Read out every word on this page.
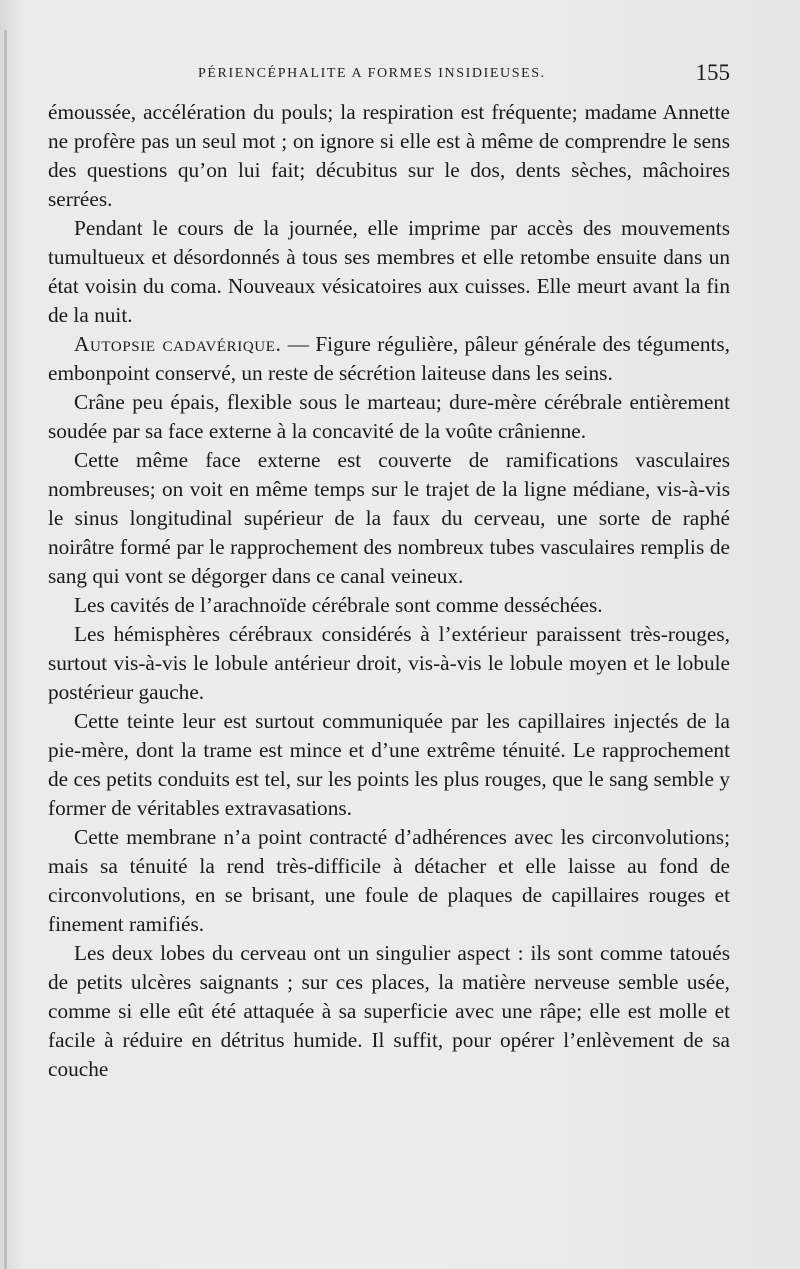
PÉRIENCÉPHALITE A FORMES INSIDIEUSES.	155

émoussée, accélération du pouls; la respiration est fréquente; madame Annette ne profère pas un seul mot ; on ignore si elle est à même de comprendre le sens des questions qu’on lui fait; décubitus sur le dos, dents sèches, mâchoires serrées.

Pendant le cours de la journée, elle imprime par accès des mouvements tumultueux et désordonnés à tous ses membres et elle retombe ensuite dans un état voisin du coma. Nouveaux vésicatoires aux cuisses. Elle meurt avant la fin de la nuit.

Autopsie cadavérique. — Figure régulière, pâleur générale des téguments, embonpoint conservé, un reste de sécrétion laiteuse dans les seins.

Crâne peu épais, flexible sous le marteau; dure-mère cérébrale entièrement soudée par sa face externe à la concavité de la voûte crânienne.

Cette même face externe est couverte de ramifications vasculaires nombreuses; on voit en même temps sur le trajet de la ligne médiane, vis-à-vis le sinus longitudinal supérieur de la faux du cerveau, une sorte de raphé noirâtre formé par le rapprochement des nombreux tubes vasculaires remplis de sang qui vont se dégorger dans ce canal veineux.

Les cavités de l’arachnoïde cérébrale sont comme desséchées.

Les hémisphères cérébraux considérés à l’extérieur paraissent très-rouges, surtout vis-à-vis le lobule antérieur droit, vis-à-vis le lobule moyen et le lobule postérieur gauche.

Cette teinte leur est surtout communiquée par les capillaires injectés de la pie-mère, dont la trame est mince et d’une extrême ténuité. Le rapprochement de ces petits conduits est tel, sur les points les plus rouges, que le sang semble y former de véritables extravasations.

Cette membrane n’a point contracté d’adhérences avec les circonvolutions; mais sa ténuité la rend très-difficile à détacher et elle laisse au fond de circonvolutions, en se brisant, une foule de plaques de capillaires rouges et finement ramifiés.

Les deux lobes du cerveau ont un singulier aspect : ils sont comme tatoués de petits ulcères saignants ; sur ces places, la matière nerveuse semble usée, comme si elle eût été attaquée à sa superficie avec une râpe; elle est molle et facile à réduire en détritus humide. Il suffit, pour opérer l’enlèvement de sa couche
